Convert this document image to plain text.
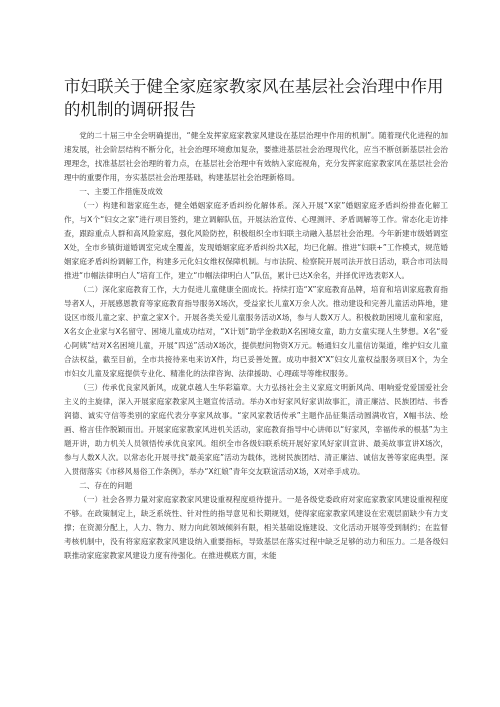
市妇联关于健全家庭家教家风在基层社会治理中作用的机制的调研报告

党的二十届三中全会明确提出，“健全发挥家庭家教家风建设在基层治理中作用的机制”。随着现代化进程的加速发展，社会阶层结构不断分化，社会治理环境愈加复杂，要推进基层社会治理现代化，应当不断创新基层社会治理理念，找准基层社会治理的着力点，在基层社会治理中有效纳入家庭视角，充分发挥家庭家教家风在基层社会治理中的重要作用，夯实基层社会治理基础，构建基层社会治理新格局。

一、主要工作措施及成效

（一）构建和谐家庭生态，健全婚姻家庭矛盾纠纷化解体系。深入开展“X家”婚姻家庭矛盾纠纷排查化解工作，与X个“妇女之家”进行项目签约，建立调解队伍，开展法治宣传、心理测评、矛盾调解等工作。常态化走访排查，跟踪重点人群和高风险家庭，强化风险防控，积极组织全市妇联主动融入基层社会治理。今年新建市级婚调室X处，全市乡镇街道婚调室完成全覆盖，发现婚姻家庭矛盾纠纷共X起，均已化解。推进“妇联+”工作模式，规范婚姻家庭矛盾纠纷调解工作，构建多元化妇女维权保障机制。与市法院、检察院开展司法开放日活动，联合市司法局推进“巾帼法律明白人”培育工作，建立“巾帼法律明白人”队伍，累计已达X余名，并择优评选表彰X人。

（二）深化家庭教育工作，大力促进儿童健康全面成长。持续打造“X”家庭教育品牌，培育和培训家庭教育指导者X人，开展感恩教育等家庭教育指导服务X场次，受益家长儿童X万余人次。推动建设和完善儿童活动阵地，建设区市级儿童之家、护童之家X个。开展各类关爱儿童服务活动X场，参与人数X万人。积极救助困境儿童和家庭，X名女企业家与X名留守、困境儿童成功结对，“X计划”助学金救助X名困境女童，助力女童实现人生梦想。X名“爱心阿姨”结对X名困境儿童，开展“四送”活动X场次，提供慰问物资X万元。畅通妇女儿童信访渠道，维护妇女儿童合法权益，截至目前，全市共接待来电来访X件，均已妥善处置。成功申报X“X”妇女儿童权益服务项目X个，为全市妇女儿童及家庭提供专业化、精准化的法律咨询、法律援助、心理疏导等维权服务。

（三）传承优良家风新风，成就卓越人生华彩篇章。大力弘扬社会主义家庭文明新风尚、唱响爱党爱国爱社会主义的主旋律，深入开展家庭家教家风主题宣传活动。举办X市好家风好家训故事汇，清正廉洁、民族团结、书香润德、诚实守信等类别的家庭代表分享家风故事。“家风家教话传承”主题作品征集活动圆满收官，X幅书法、绘画、格言佳作脱颖而出。开展家庭家教家风进机关活动，家庭教育指导中心讲师以“好家风，幸福传承的根基”为主题开讲，助力机关人员领悟传承优良家风。组织全市各级妇联系统开展好家风好家训宣讲、最美故事宣讲X场次，参与人数X人次。以常态化开展寻找“最美家庭”活动为载体，选树民族团结、清正廉洁、诚信友善等家庭典型。深入贯彻落实《市移风易俗工作条例》，举办“X红娘”青年交友联谊活动X场，X对牵手成功。

二、存在的问题

（一）社会各界力量对家庭家教家风建设重视程度亟待提升。一是各级党委政府对家庭家教家风建设重视程度不够。在政策制定上，缺乏系统性、针对性的指导意见和长期规划，使得家庭家教家风建设在宏观层面缺少有力支撑；在资源分配上，人力、物力、财力向此领域倾斜有限，相关基础设施建设、文化活动开展等受到制约；在监督考核机制中，没有将家庭家教家风建设纳入重要指标，导致基层在落实过程中缺乏足够的动力和压力。二是各级妇联推动家庭家教家风建设力度有待强化。在推进模底方面，未能
